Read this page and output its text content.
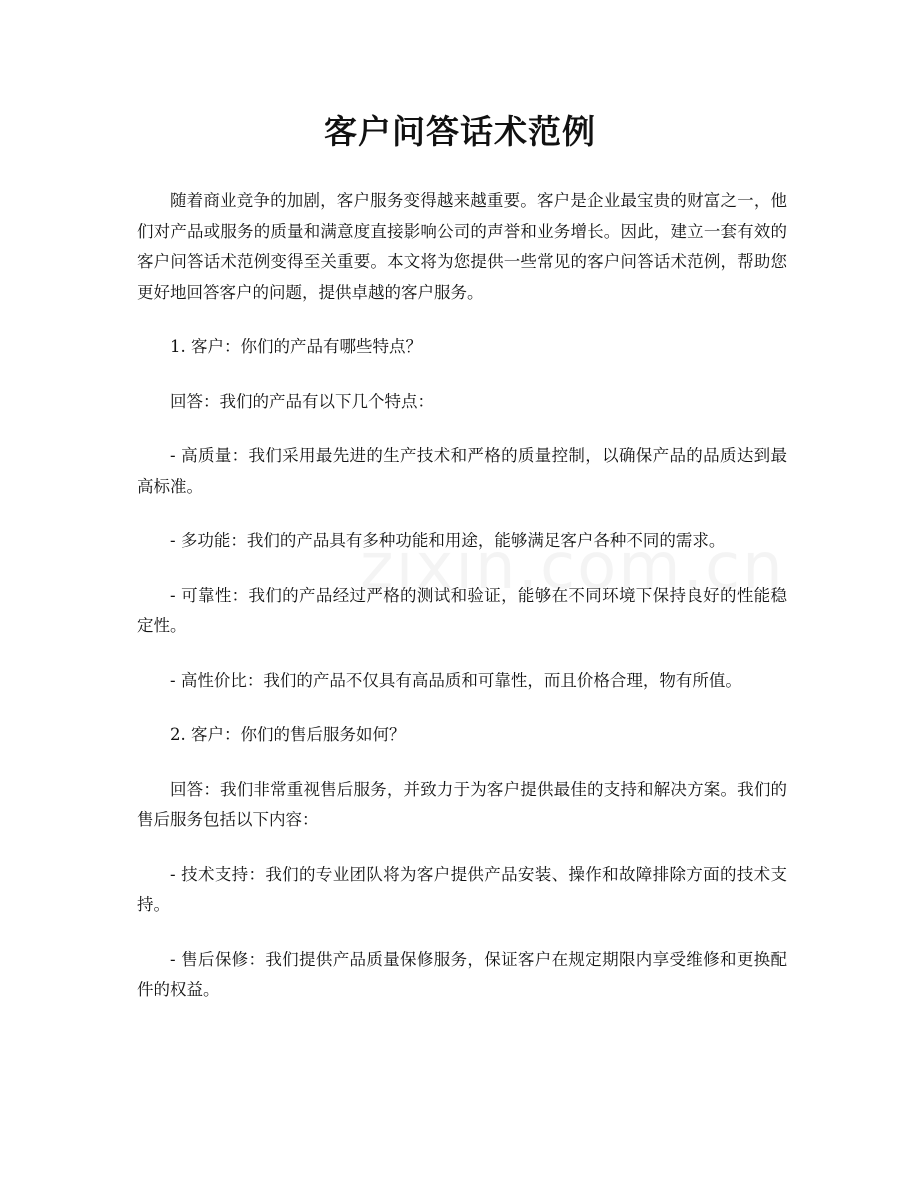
客户问答话术范例

随着商业竞争的加剧，客户服务变得越来越重要。客户是企业最宝贵的财富之一，他们对产品或服务的质量和满意度直接影响公司的声誉和业务增长。因此，建立一套有效的客户问答话术范例变得至关重要。本文将为您提供一些常见的客户问答话术范例，帮助您更好地回答客户的问题，提供卓越的客户服务。

1. 客户：你们的产品有哪些特点？

回答：我们的产品有以下几个特点：

- 高质量：我们采用最先进的生产技术和严格的质量控制，以确保产品的品质达到最高标准。

- 多功能：我们的产品具有多种功能和用途，能够满足客户各种不同的需求。

- 可靠性：我们的产品经过严格的测试和验证，能够在不同环境下保持良好的性能稳定性。

- 高性价比：我们的产品不仅具有高品质和可靠性，而且价格合理，物有所值。

2. 客户：你们的售后服务如何？

回答：我们非常重视售后服务，并致力于为客户提供最佳的支持和解决方案。我们的售后服务包括以下内容：

- 技术支持：我们的专业团队将为客户提供产品安装、操作和故障排除方面的技术支持。

- 售后保修：我们提供产品质量保修服务，保证客户在规定期限内享受维修和更换配件的权益。
